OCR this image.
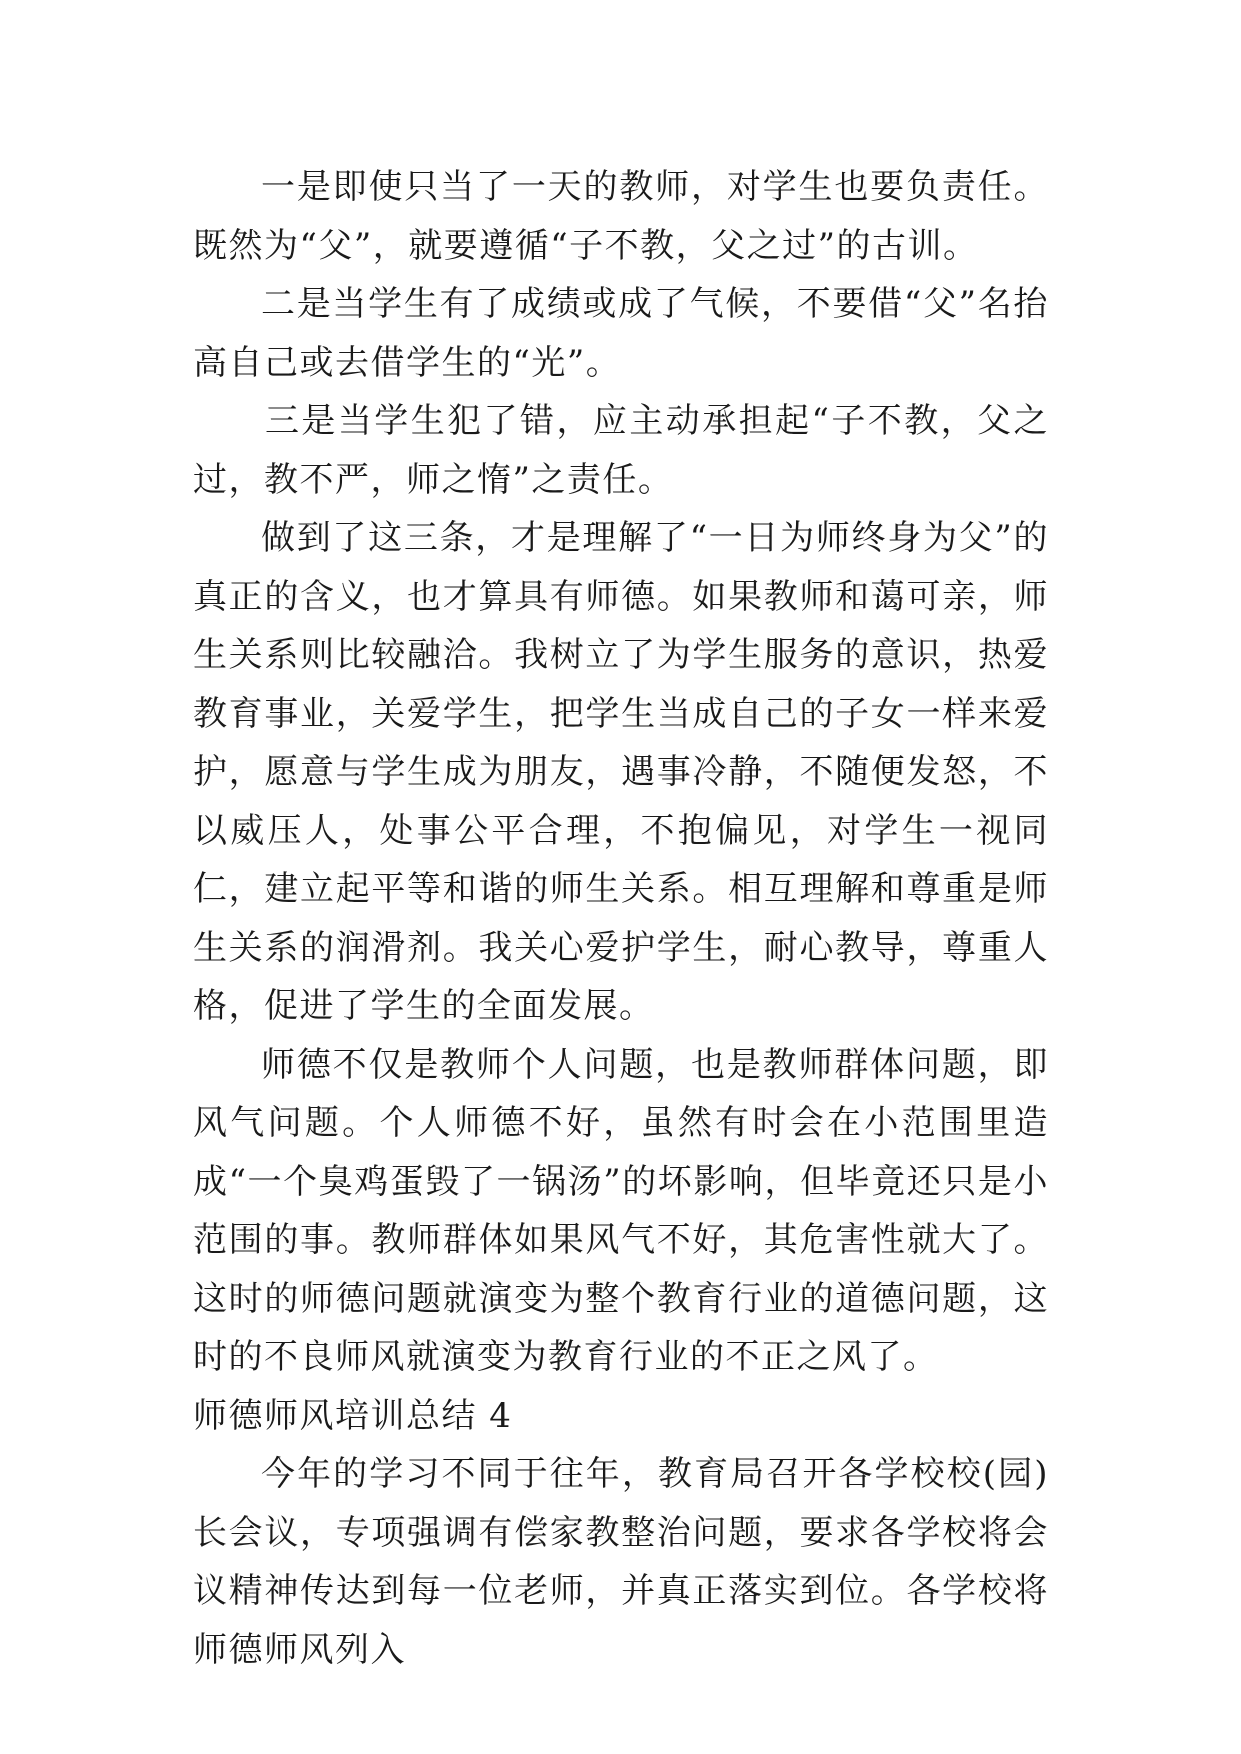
一是即使只当了一天的教师，对学生也要负责任。既然为“父”，就要遵循“子不教，父之过”的古训。

二是当学生有了成绩或成了气候，不要借“父”名抬高自己或去借学生的“光”。

三是当学生犯了错，应主动承担起“子不教，父之过，教不严，师之惰”之责任。

做到了这三条，才是理解了“一日为师终身为父”的真正的含义，也才算具有师德。如果教师和蔼可亲，师生关系则比较融洽。我树立了为学生服务的意识，热爱教育事业，关爱学生，把学生当成自己的子女一样来爱护，愿意与学生成为朋友，遇事冷静，不随便发怒，不以威压人，处事公平合理，不抱偏见，对学生一视同仁，建立起平等和谐的师生关系。相互理解和尊重是师生关系的润滑剂。我关心爱护学生，耐心教导，尊重人格，促进了学生的全面发展。

师德不仅是教师个人问题，也是教师群体问题，即风气问题。个人师德不好，虽然有时会在小范围里造成“一个臭鸡蛋毁了一锅汤”的坏影响，但毕竟还只是小范围的事。教师群体如果风气不好，其危害性就大了。这时的师德问题就演变为整个教育行业的道德问题，这时的不良师风就演变为教育行业的不正之风了。

师德师风培训总结 4

今年的学习不同于往年，教育局召开各学校校(园)长会议，专项强调有偿家教整治问题，要求各学校将会议精神传达到每一位老师，并真正落实到位。各学校将师德师风列入
